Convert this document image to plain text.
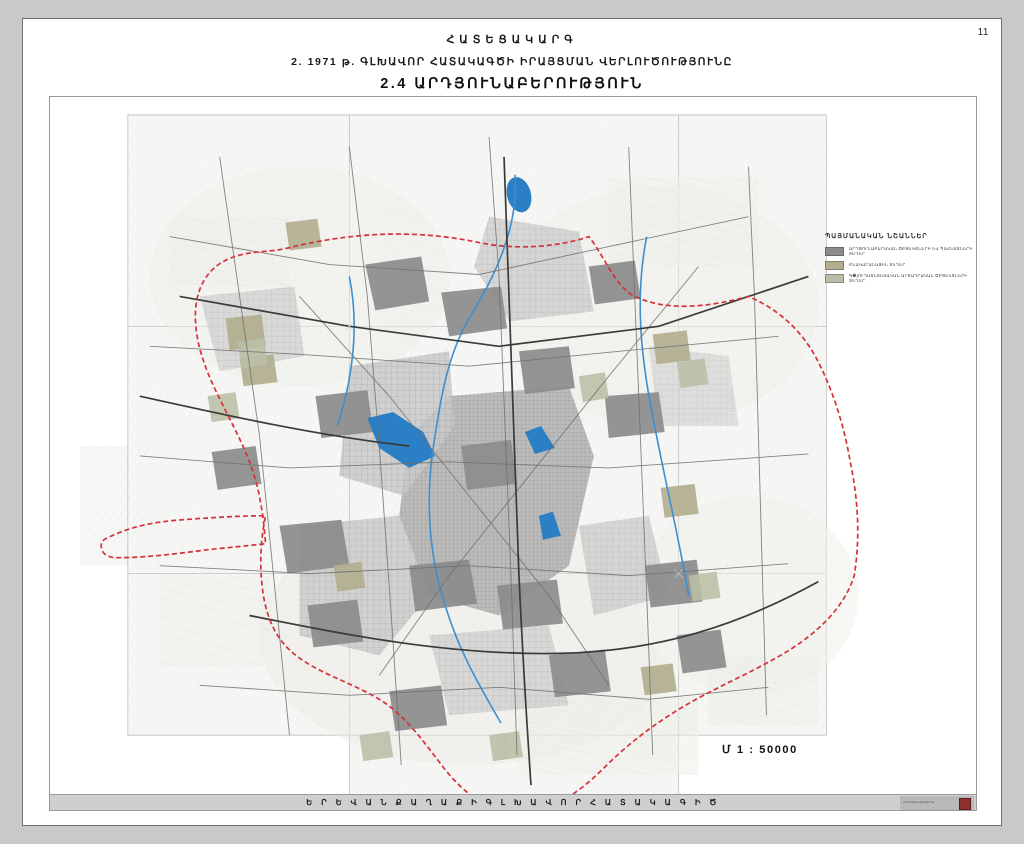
11
ՀԱՏԵՑԱԿԱՐԳ
2. 1971 թ. ԳԼԽԱՎՈՐ ՀԱՏԱԿԱԳԾԻ ԻՐԱՅՑՄԱՆ ՎԵՐԼՈՒԾՈՒԹՅՈՒՆԸ
2.4 ԱՐԴՅՈՒՆԱԲԵՐՈՒԹՅՈՒՆ
ՊԱՅՄԱՆԱԿԱՆ ՆՇԱՆՆԵՐ
ԱՐԴՅՈՒՆԱԲԵՐԱԿԱՆ ՕԲՅԵԿՏՆԵՐԻ ԵՎ ՊԱՀԵՍՏՆԵՐԻ ՏԵՂԵՐ
ԲՆԱԿԱՐԱՆԱՅԻՆ ՏԵՂԵՐ
Գ�յՈՒՂԱՏՆՏԵՍԱԿԱՆ ԱՐՏԱԴՐԱԿԱՆ ՕԲՅԵԿՏՆԵՐԻ ՏԵՂԵՐ
Մ 1 : 50000
Ե Ր Ե Վ Ա Ն Ք Ա Ղ Ա Ք Ի Գ Լ Խ Ա Վ Ո Ր Հ Ա Տ Ա Կ Ա Գ Ի Ծ	«ԵՐԵՎԱՆՆԱԽԱԳԻԾ»
